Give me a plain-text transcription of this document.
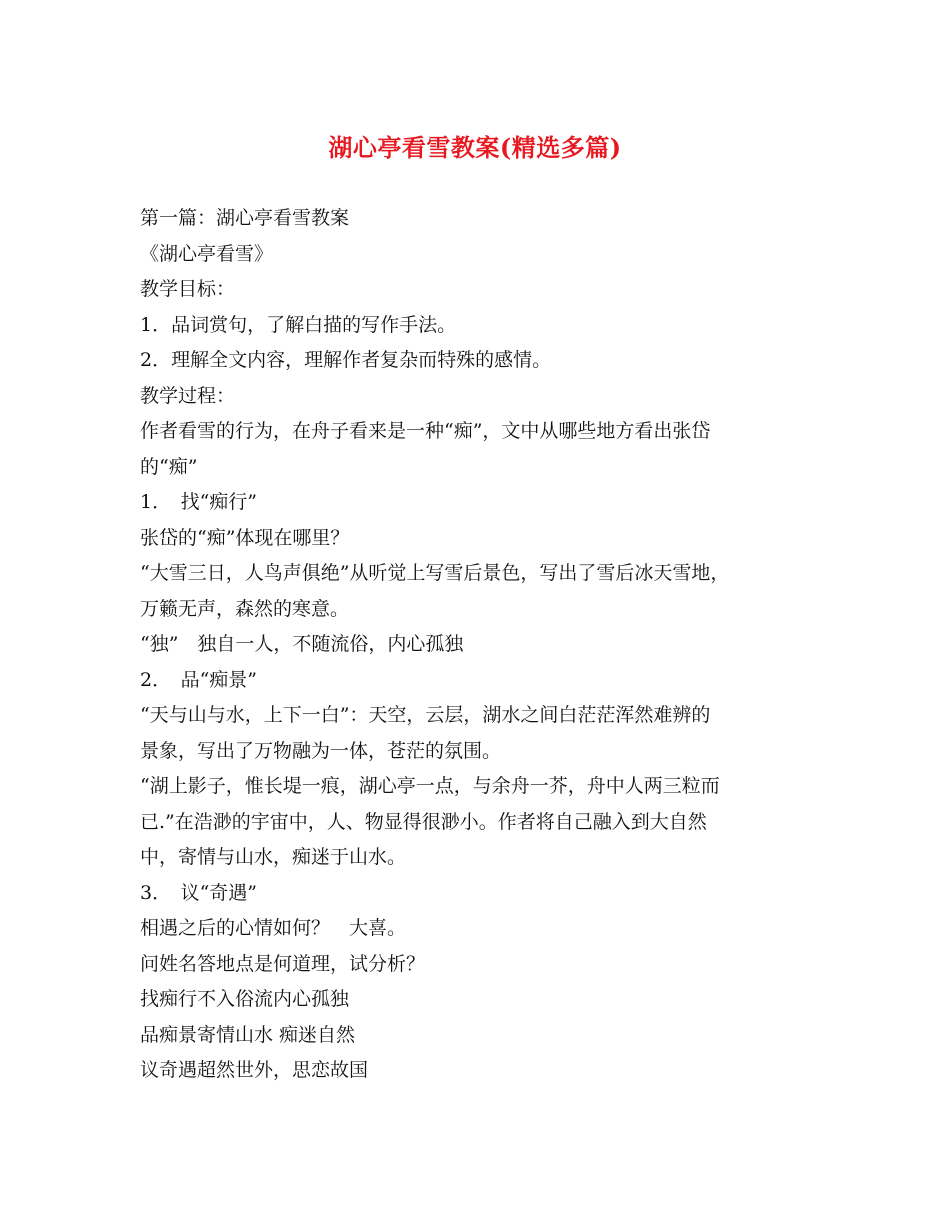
湖心亭看雪教案(精选多篇)
第一篇：湖心亭看雪教案
《湖心亭看雪》
教学目标：
1．品词赏句，了解白描的写作手法。
2．理解全文内容，理解作者复杂而特殊的感情。
教学过程：
作者看雪的行为，在舟子看来是一种“痴”，文中从哪些地方看出张岱
的“痴”
1．　找“痴行”
张岱的“痴”体现在哪里？
“大雪三日，人鸟声俱绝”从听觉上写雪后景色，写出了雪后冰天雪地，
万籁无声，森然的寒意。
“独”　独自一人，不随流俗，内心孤独
2．　品“痴景”
“天与山与水，上下一白”：天空，云层，湖水之间白茫茫浑然难辨的
景象，写出了万物融为一体，苍茫的氛围。
“湖上影子，惟长堤一痕，湖心亭一点，与余舟一芥，舟中人两三粒而
已.”在浩渺的宇宙中，人、物显得很渺小。作者将自己融入到大自然
中，寄情与山水，痴迷于山水。
3．　议“奇遇”
相遇之后的心情如何？　大喜。
问姓名答地点是何道理，试分析？
找痴行不入俗流内心孤独
品痴景寄情山水 痴迷自然
议奇遇超然世外，思恋故国
